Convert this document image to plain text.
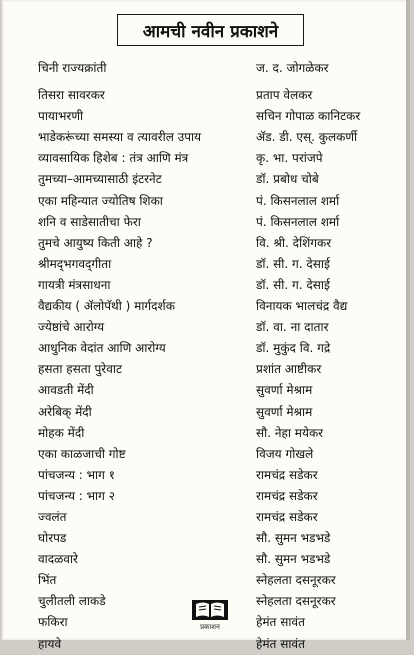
आमची नवीन प्रकाशने
चिनी राज्यक्रांती	ज. द. जोगळेकर
तिसरा सावरकर	प्रताप वेलकर
पायाभरणी	सचिन गोपाळ कानिटकर
भाडेकरूंच्या समस्या व त्यावरील उपाय	ॲड. डी. एस्. कुलकर्णी
व्यावसायिक हिशेब : तंत्र आणि मंत्र	कृ. भा. परांजपे
तुमच्या–आमच्यासाठी इंटरनेट	डॉ. प्रबोध चोबे
एका महिन्यात ज्योतिष शिका	पं. किसनलाल शर्मा
शनि व साडेसातीचा फेरा	पं. किसनलाल शर्मा
तुमचे आयुष्य किती आहे ?	वि. श्री. देशिंगकर
श्रीमद्‌भगवद्‌गीता	डॉ. सी. ग. देसाई
गायत्री मंत्रसाधना	डॉ. सी. ग. देसाई
वैद्यकीय ( ॲलोपॅथी ) मार्गदर्शक	विनायक भालचंद्र वैद्य
ज्येष्ठांचे आरोग्य	डॉ. वा. ना दातार
आधुनिक वेदांत आणि आरोग्य	डॉ. मुकुंद वि. गद्रे
हसता हसता पुरेवाट	प्रशांत आष्टीकर
आवडती मेंदी	सुवर्णा मेश्राम
अरेबिक् मेंदी	सुवर्णा मेश्राम
मोहक मेंदी	सौ. नेहा मयेकर
एका काळजाची गोष्ट	विजय गोखले
पांचजन्य : भाग १	रामचंद्र सडेकर
पांचजन्य : भाग २	रामचंद्र सडेकर
ज्वलंत	रामचंद्र सडेकर
घोरपड	सौ. सुमन भडभडे
वादळवारे	सौ. सुमन भडभडे
भिंत	स्नेहलता दसनूरकर
चुलीतली लाकडे	स्नेहलता दसनूरकर
फकिरा	हेमंत सावंत
हायवे	हेमंत सावंत
प्रकाशन
